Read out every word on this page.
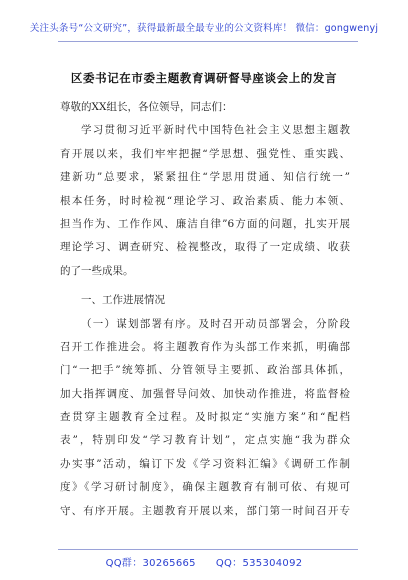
关注头条号“公文研究”，获得最新最全最专业的公文资料库！ 微信：gongwenyj
区委书记在市委主题教育调研督导座谈会上的发言

尊敬的XX组长，各位领导，同志们：

学习贯彻习近平新时代中国特色社会主义思想主题教
育开展以来，我们牢牢把握“学思想、强党性、重实践、
建新功”总要求，紧紧扭住“学思用贯通、知信行统一”
根本任务，时时检视“理论学习、政治素质、能力本领、
担当作为、工作作风、廉洁自律”6方面的问题，扎实开展
理论学习、调查研究、检视整改，取得了一定成绩、收获
的了一些成果。

一、工作进展情况

（一）谋划部署有序。及时召开动员部署会，分阶段
召开工作推进会。将主题教育作为头部工作来抓，明确部
门“一把手”统筹抓、分管领导主要抓、政治部具体抓，
加大指挥调度、加强督导问效、加快动作推进，将监督检
查贯穿主题教育全过程。及时拟定“实施方案”和“配档
表”，特别印发“学习教育计划”，定点实施“我为群众
办实事”活动，编订下发《学习资料汇编》《调研工作制
度》《学习研讨制度》，确保主题教育有制可依、有规可
守、有序开展。主题教育开展以来，部门第一时间召开专
QQ群：30265665 QQ：535304092
